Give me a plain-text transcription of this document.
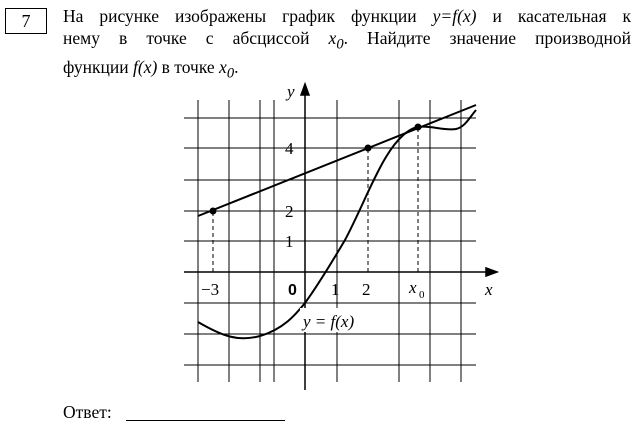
7	На рисунке изображены график функции y=f(x) и касательная к
нему в точке с абсциссой $x_0$. Найдите значение производной
функции f(x) в точке $x_0$.

y
x
0
−3	1 2 x 0
4
2
1
y = f(x)
Ответ:
